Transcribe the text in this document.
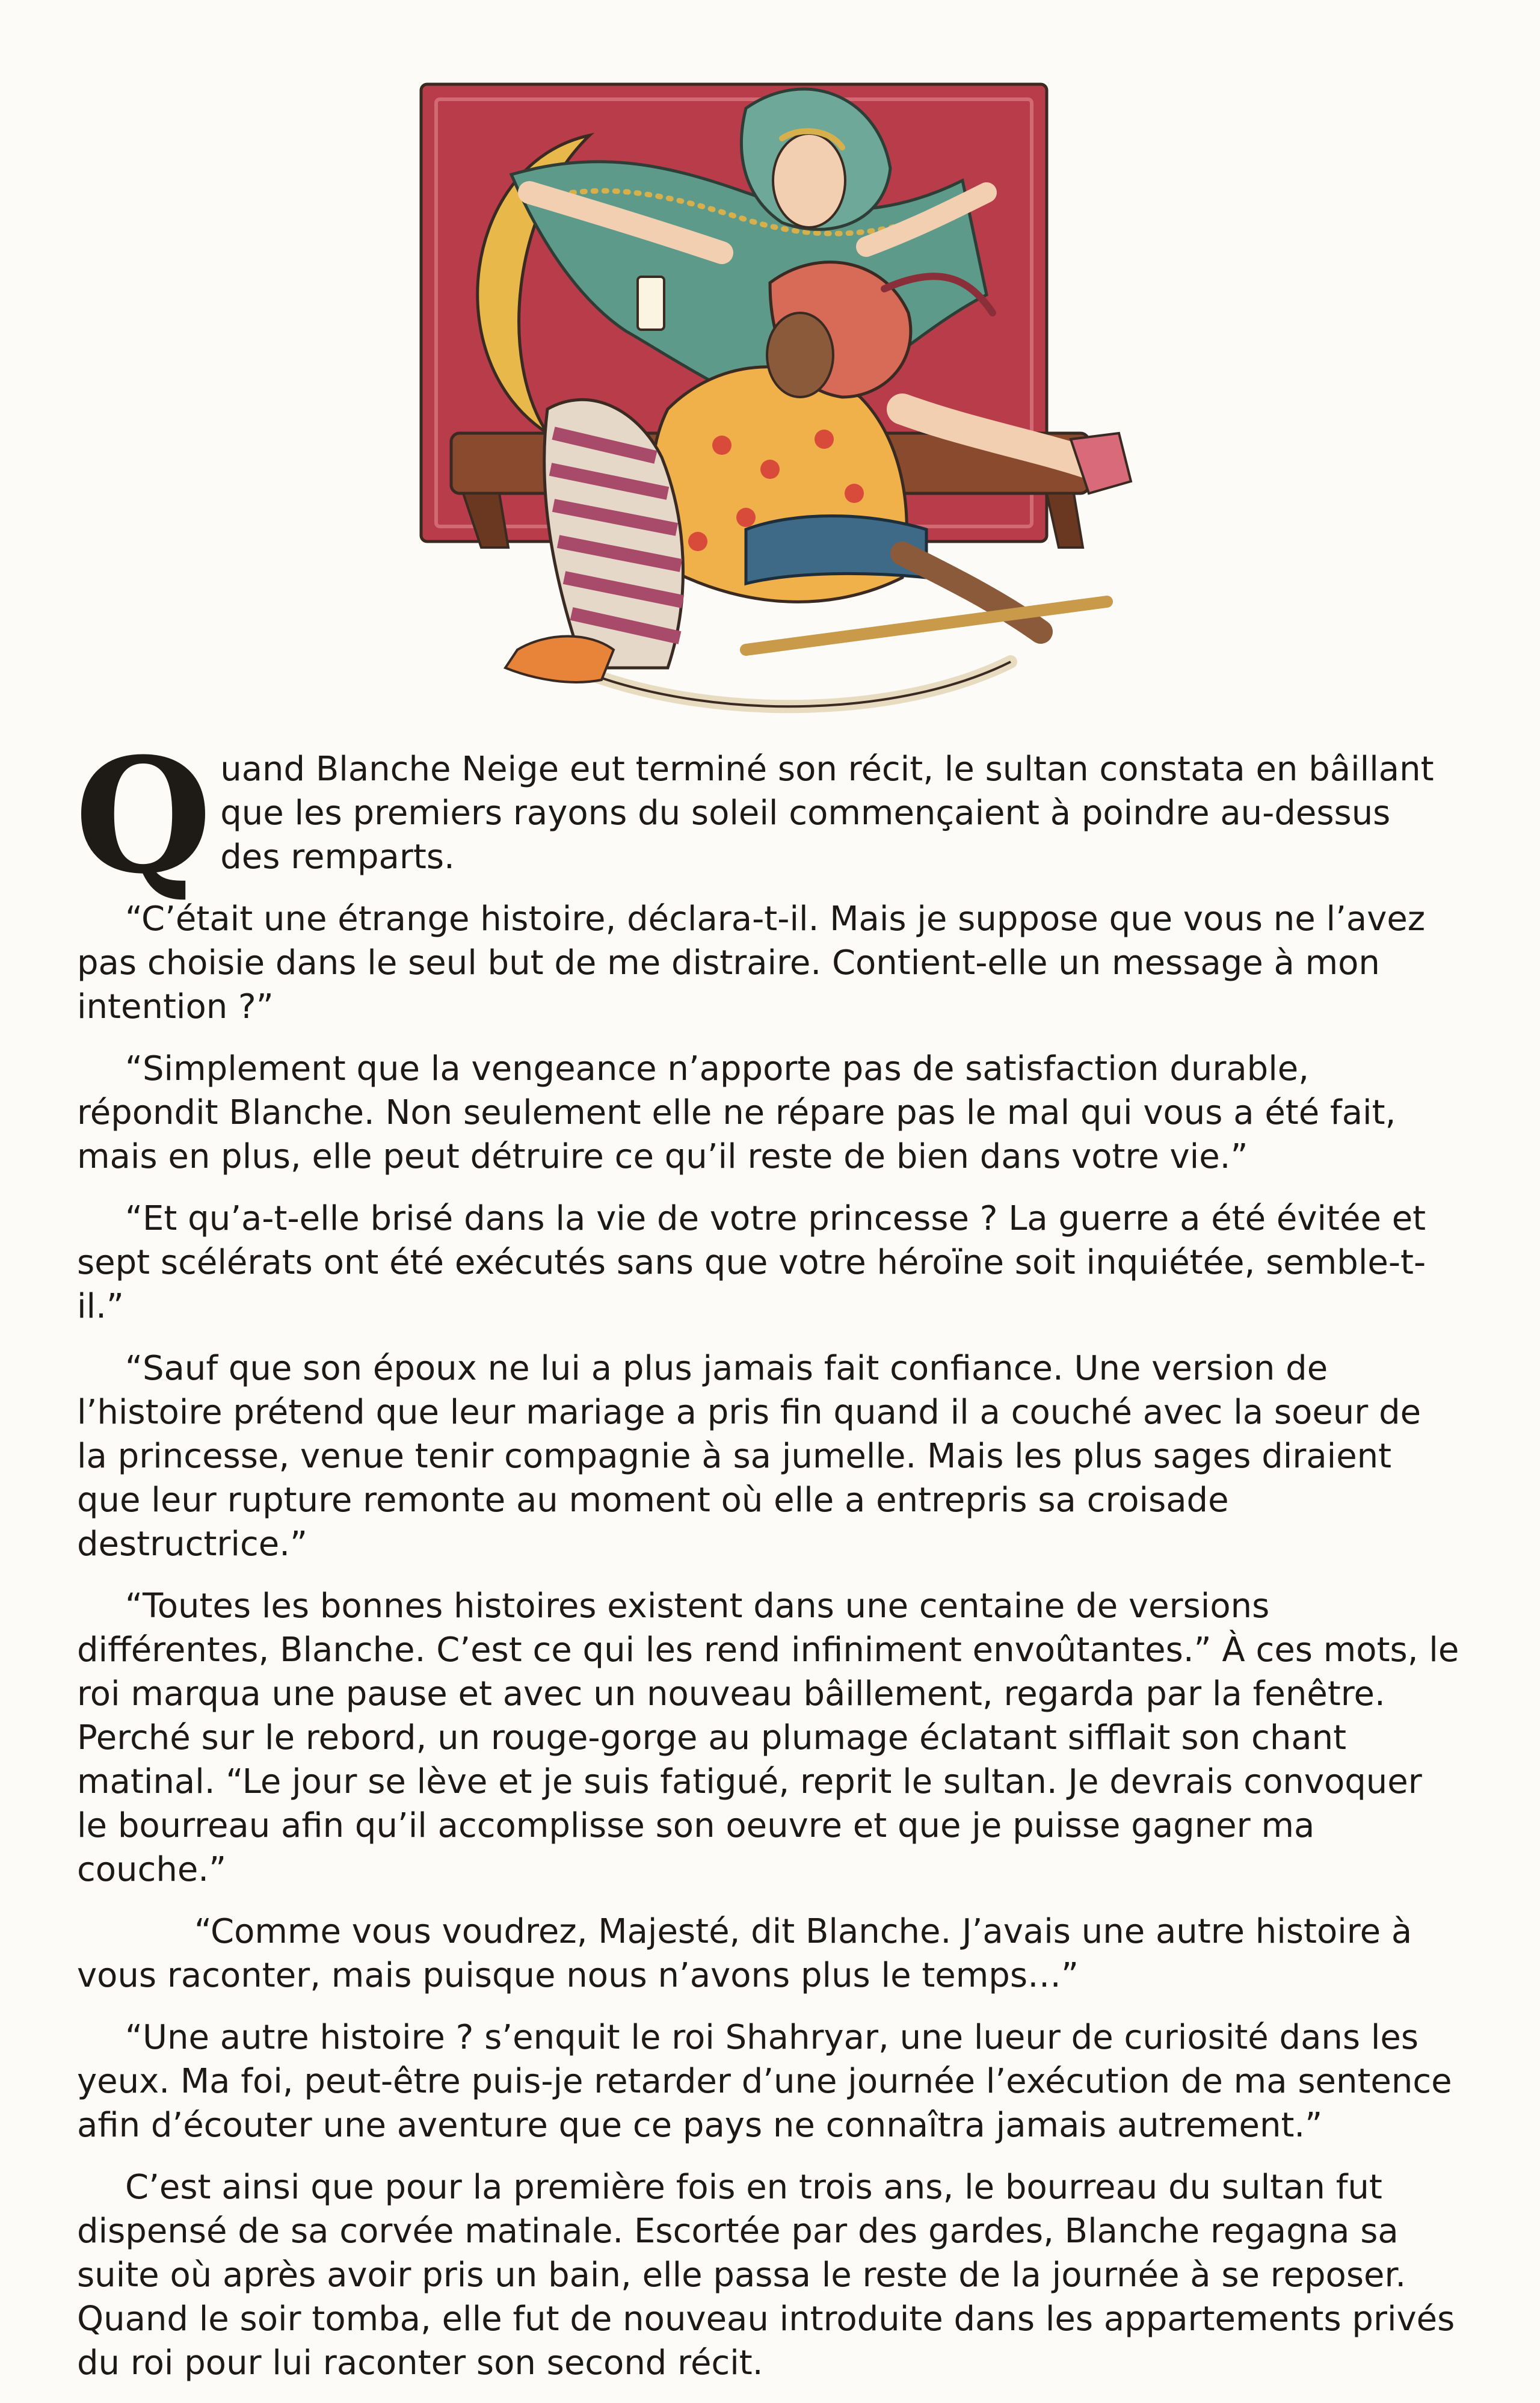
Quand Blanche Neige eut terminé son récit, le sultan constata en bâillant que les premiers rayons du soleil commençaient à poindre au-dessus des remparts.

“C’était une étrange histoire, déclara-t-il. Mais je suppose que vous ne l’avez pas choisie dans le seul but de me distraire. Contient-elle un message à mon intention ?”

“Simplement que la vengeance n’apporte pas de satisfaction durable, répondit Blanche. Non seulement elle ne répare pas le mal qui vous a été fait, mais en plus, elle peut détruire ce qu’il reste de bien dans votre vie.”

“Et qu’a-t-elle brisé dans la vie de votre princesse ? La guerre a été évitée et sept scélérats ont été exécutés sans que votre héroïne soit inquiétée, semble-t-il.”

“Sauf que son époux ne lui a plus jamais fait confiance. Une version de l’histoire prétend que leur mariage a pris fin quand il a couché avec la soeur de la princesse, venue tenir compagnie à sa jumelle. Mais les plus sages diraient que leur rupture remonte au moment où elle a entrepris sa croisade destructrice.”

“Toutes les bonnes histoires existent dans une centaine de versions différentes, Blanche. C’est ce qui les rend infiniment envoûtantes.” À ces mots, le roi marqua une pause et avec un nouveau bâillement, regarda par la fenêtre. Perché sur le rebord, un rouge-gorge au plumage éclatant sifflait son chant matinal. “Le jour se lève et je suis fatigué, reprit le sultan. Je devrais convoquer le bourreau afin qu’il accomplisse son oeuvre et que je puisse gagner ma couche.”

“Comme vous voudrez, Majesté, dit Blanche. J’avais une autre histoire à vous raconter, mais puisque nous n’avons plus le temps…”

“Une autre histoire ? s’enquit le roi Shahryar, une lueur de curiosité dans les yeux. Ma foi, peut-être puis-je retarder d’une journée l’exécution de ma sentence afin d’écouter une aventure que ce pays ne connaîtra jamais autrement.”

C’est ainsi que pour la première fois en trois ans, le bourreau du sultan fut dispensé de sa corvée matinale. Escortée par des gardes, Blanche regagna sa suite où après avoir pris un bain, elle passa le reste de la journée à se reposer. Quand le soir tomba, elle fut de nouveau introduite dans les appartements privés du roi pour lui raconter son second récit.
